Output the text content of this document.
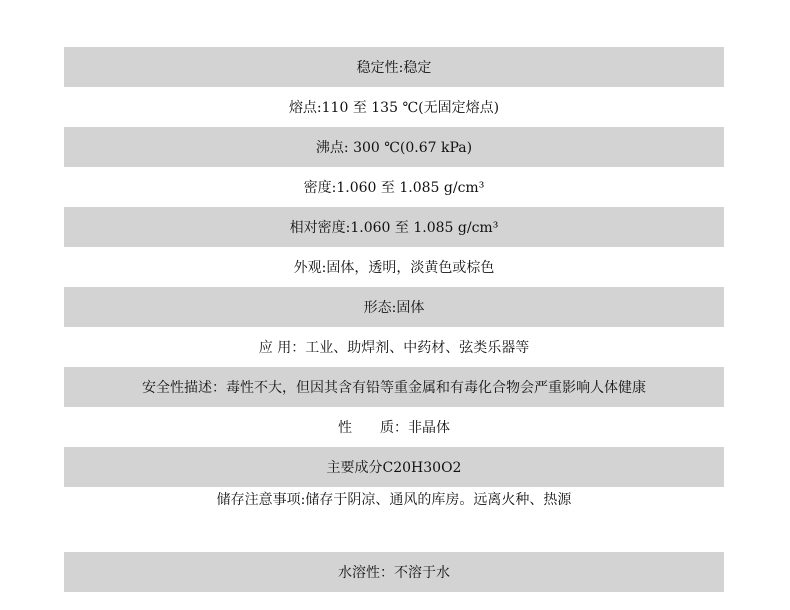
稳定性:稳定
熔点:110 至 135 ℃(无固定熔点)
沸点: 300 ℃(0.67 kPa)
密度:1.060 至 1.085 g/cm³
相对密度:1.060 至 1.085 g/cm³
外观:固体，透明，淡黄色或棕色
形态:固体
应 用：工业、助焊剂、中药材、弦类乐器等
安全性描述：毒性不大，但因其含有铅等重金属和有毒化合物会严重影响人体健康
性　　质：非晶体
主要成分C20H30O2
储存注意事项:储存于阴凉、通风的库房。远离火种、热源
水溶性：不溶于水
